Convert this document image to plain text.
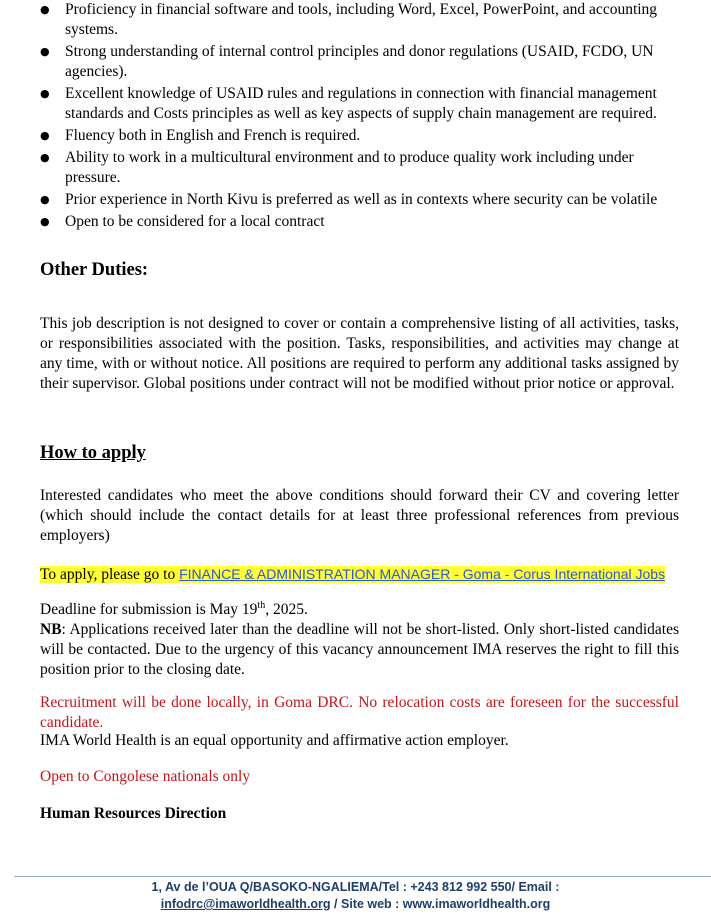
● Proficiency in financial software and tools, including Word, Excel, PowerPoint, and accounting systems.
● Strong understanding of internal control principles and donor regulations (USAID, FCDO, UN agencies).
● Excellent knowledge of USAID rules and regulations in connection with financial management standards and Costs principles as well as key aspects of supply chain management are required.
● Fluency both in English and French is required.
● Ability to work in a multicultural environment and to produce quality work including under pressure.
● Prior experience in North Kivu is preferred as well as in contexts where security can be volatile
● Open to be considered for a local contract
Other Duties:
This job description is not designed to cover or contain a comprehensive listing of all activities, tasks, or responsibilities associated with the position. Tasks, responsibilities, and activities may change at any time, with or without notice. All positions are required to perform any additional tasks assigned by their supervisor. Global positions under contract will not be modified without prior notice or approval.
How to apply
Interested candidates who meet the above conditions should forward their CV and covering letter (which should include the contact details for at least three professional references from previous employers)
To apply, please go to FINANCE & ADMINISTRATION MANAGER - Goma - Corus International Jobs
Deadline for submission is May 19th, 2025.
NB: Applications received later than the deadline will not be short-listed. Only short-listed candidates will be contacted. Due to the urgency of this vacancy announcement IMA reserves the right to fill this position prior to the closing date.
Recruitment will be done locally, in Goma DRC. No relocation costs are foreseen for the successful candidate.
IMA World Health is an equal opportunity and affirmative action employer.
Open to Congolese nationals only
Human Resources Direction
1, Av de l’OUA Q/BASOKO-NGALIEMA/Tel : +243 812 992 550/ Email :
infodrc@imaworldhealth.org / Site web : www.imaworldhealth.org
